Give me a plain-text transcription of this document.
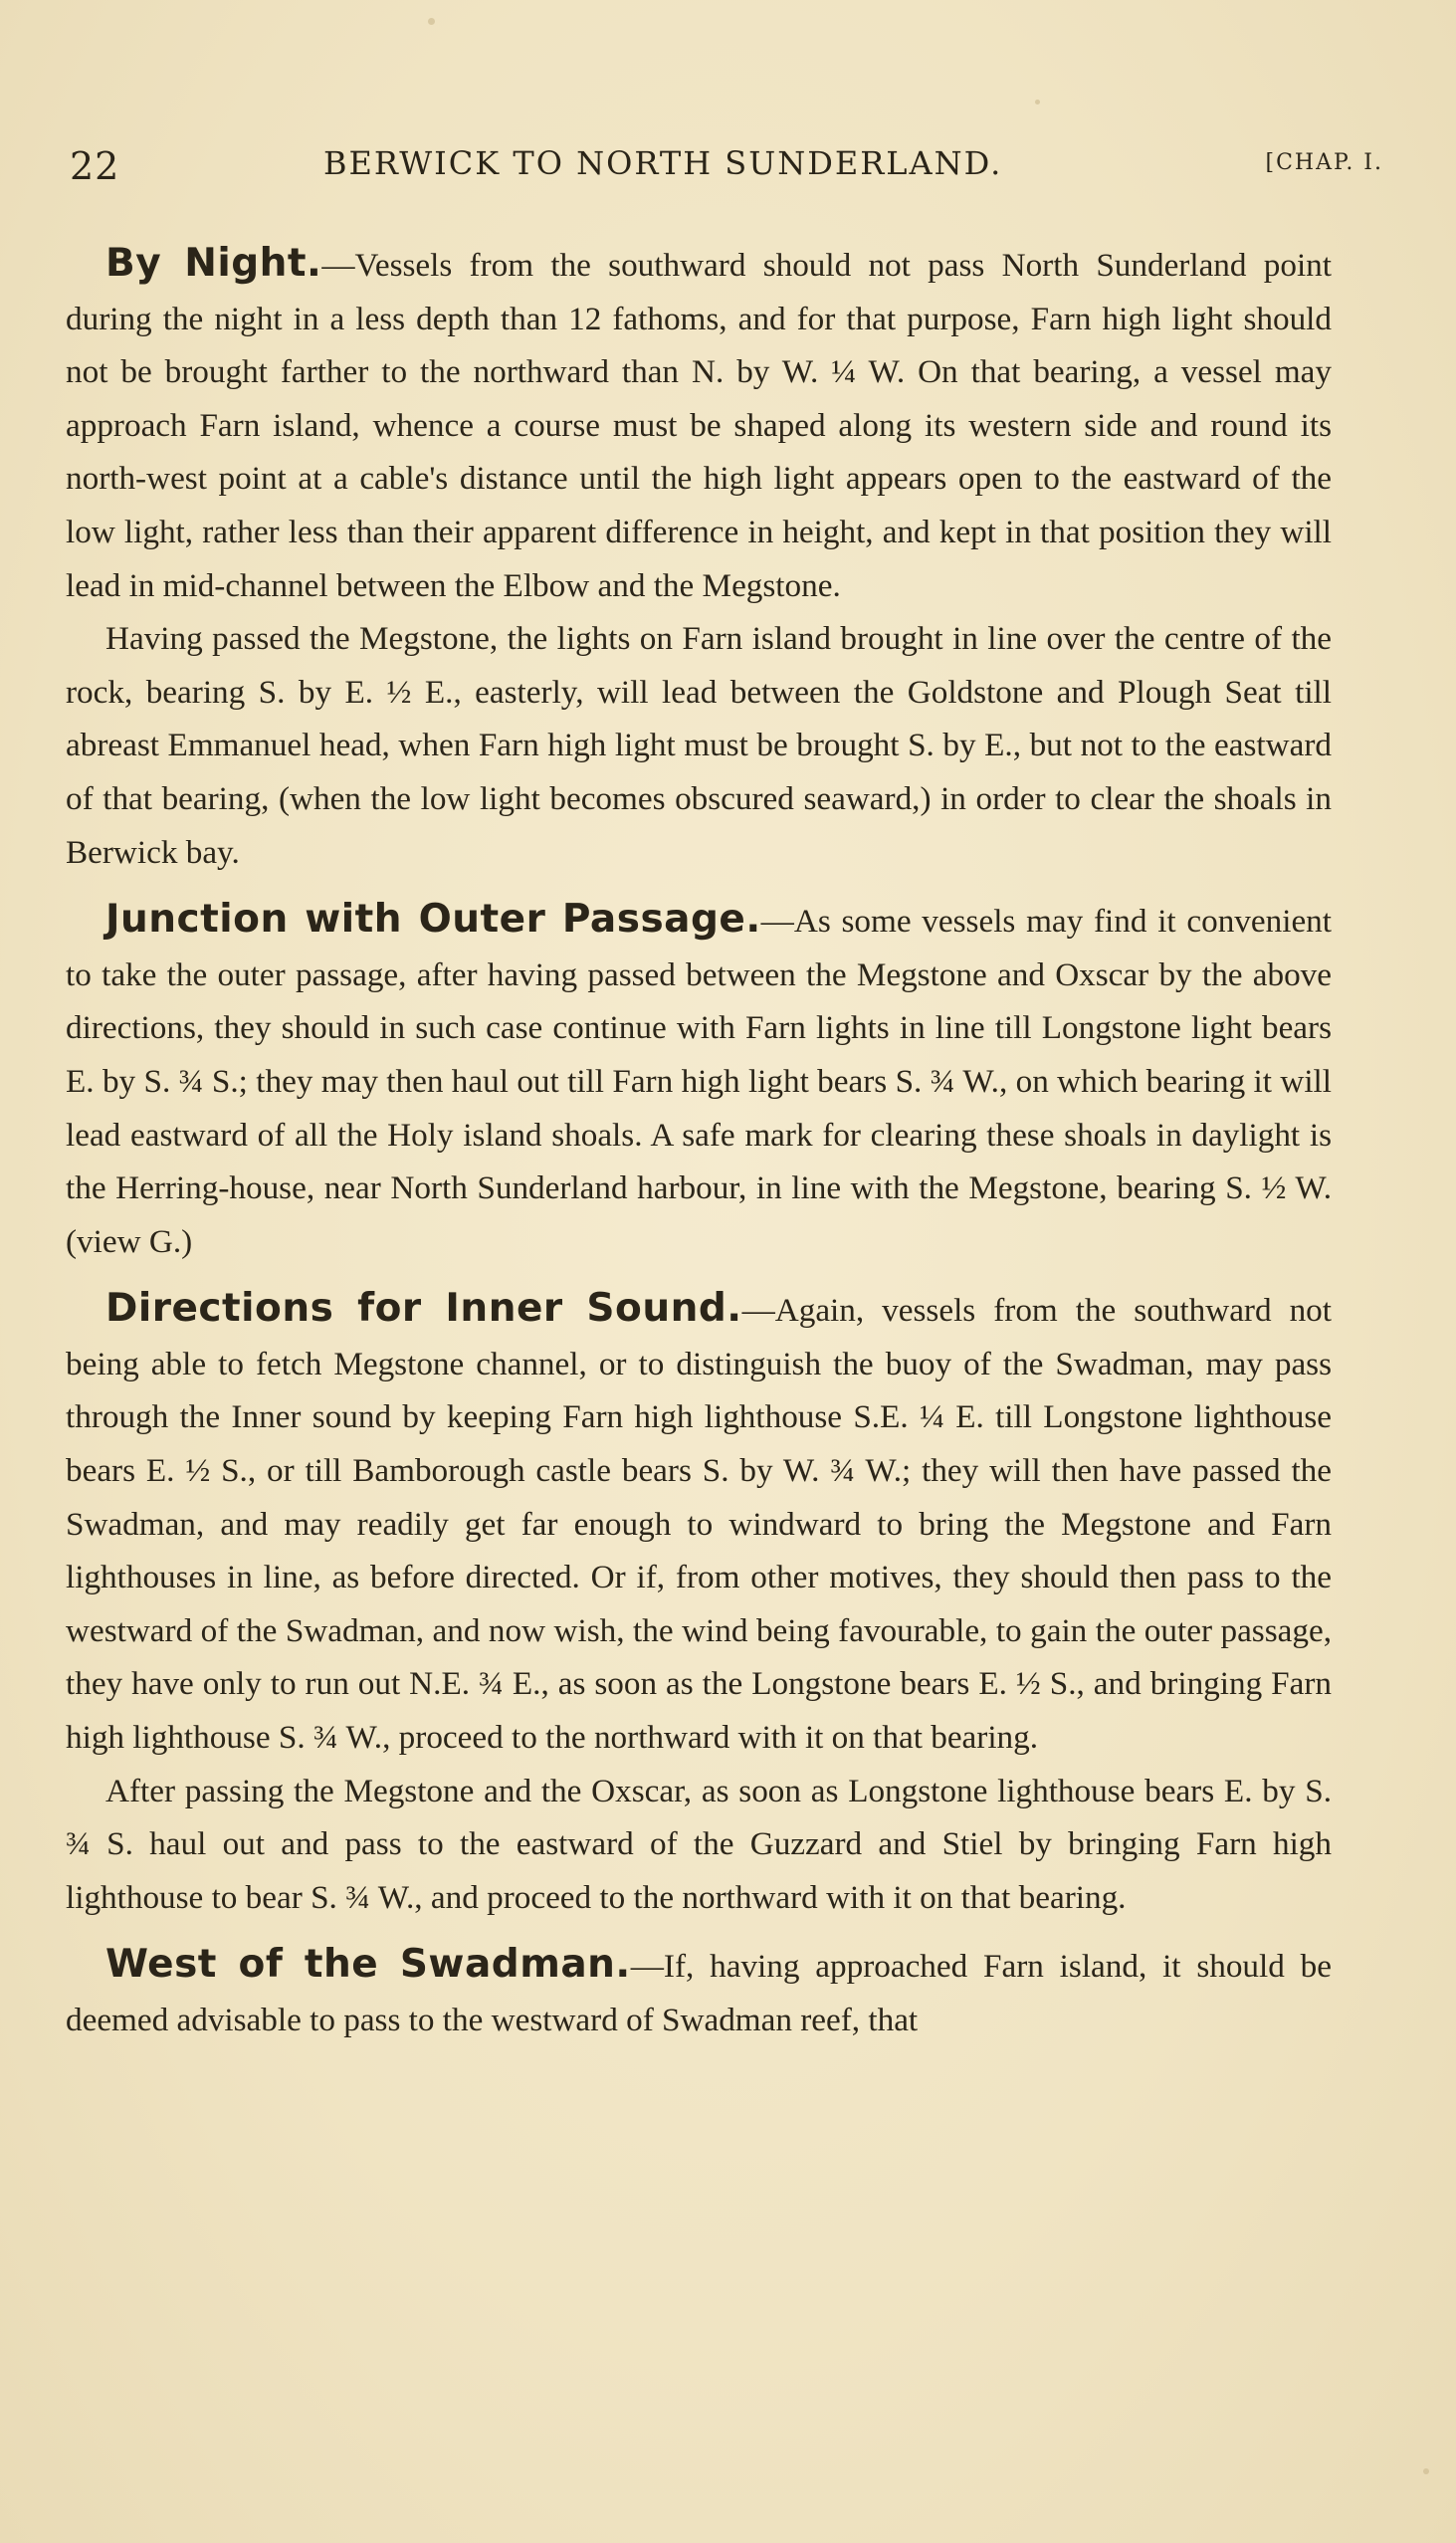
22	BERWICK TO NORTH SUNDERLAND.	[CHAP. I.

By Night.—Vessels from the southward should not pass North Sunderland point during the night in a less depth than 12 fathoms, and for that purpose, Farn high light should not be brought farther to the northward than N. by W. ¼ W. On that bearing, a vessel may approach Farn island, whence a course must be shaped along its western side and round its north-west point at a cable's distance until the high light appears open to the eastward of the low light, rather less than their apparent difference in height, and kept in that position they will lead in mid-channel between the Elbow and the Megstone.

Having passed the Megstone, the lights on Farn island brought in line over the centre of the rock, bearing S. by E. ½ E., easterly, will lead between the Goldstone and Plough Seat till abreast Emmanuel head, when Farn high light must be brought S. by E., but not to the eastward of that bearing, (when the low light becomes obscured seaward,) in order to clear the shoals in Berwick bay.

Junction with Outer Passage.—As some vessels may find it convenient to take the outer passage, after having passed between the Megstone and Oxscar by the above directions, they should in such case continue with Farn lights in line till Longstone light bears E. by S. ¾ S.; they may then haul out till Farn high light bears S. ¾ W., on which bearing it will lead eastward of all the Holy island shoals. A safe mark for clearing these shoals in daylight is the Herring-house, near North Sunderland harbour, in line with the Megstone, bearing S. ½ W. (view G.)

Directions for Inner Sound.—Again, vessels from the southward not being able to fetch Megstone channel, or to distinguish the buoy of the Swadman, may pass through the Inner sound by keeping Farn high lighthouse S.E. ¼ E. till Longstone lighthouse bears E. ½ S., or till Bamborough castle bears S. by W. ¾ W.; they will then have passed the Swadman, and may readily get far enough to windward to bring the Megstone and Farn lighthouses in line, as before directed. Or if, from other motives, they should then pass to the westward of the Swadman, and now wish, the wind being favourable, to gain the outer passage, they have only to run out N.E. ¾ E., as soon as the Longstone bears E. ½ S., and bringing Farn high lighthouse S. ¾ W., proceed to the northward with it on that bearing.

After passing the Megstone and the Oxscar, as soon as Longstone lighthouse bears E. by S. ¾ S. haul out and pass to the eastward of the Guzzard and Stiel by bringing Farn high lighthouse to bear S. ¾ W., and proceed to the northward with it on that bearing.

West of the Swadman.—If, having approached Farn island, it should be deemed advisable to pass to the westward of Swadman reef, that
